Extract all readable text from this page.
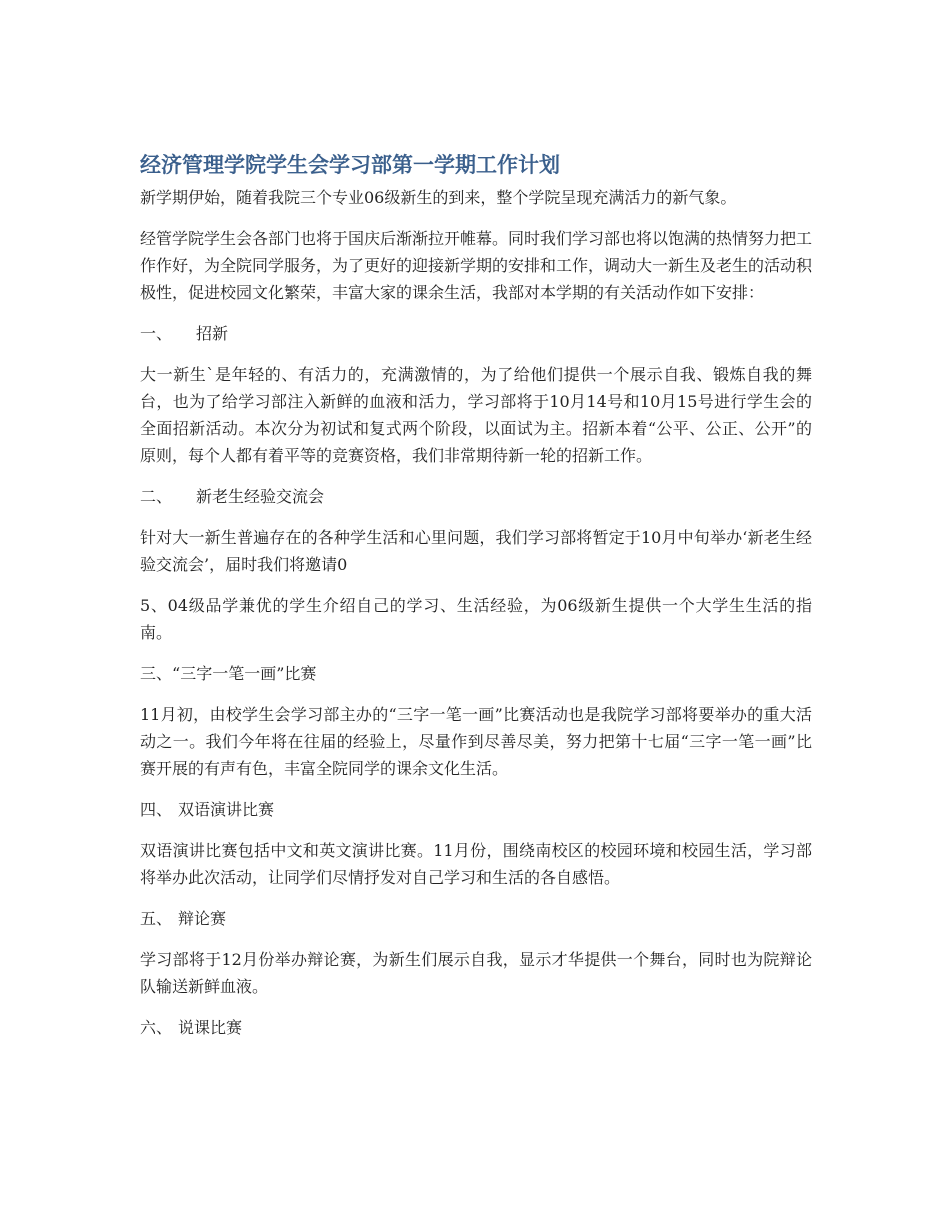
经济管理学院学生会学习部第一学期工作计划

新学期伊始，随着我院三个专业06级新生的到来，整个学院呈现充满活力的新气象。

经管学院学生会各部门也将于国庆后渐渐拉开帷幕。同时我们学习部也将以饱满的热情努力把工作作好，为全院同学服务，为了更好的迎接新学期的安排和工作，调动大一新生及老生的活动积极性，促进校园文化繁荣，丰富大家的课余生活，我部对本学期的有关活动作如下安排：

一、 招新

大一新生`是年轻的、有活力的，充满激情的，为了给他们提供一个展示自我、锻炼自我的舞台，也为了给学习部注入新鲜的血液和活力，学习部将于10月14号和10月15号进行学生会的全面招新活动。本次分为初试和复式两个阶段，以面试为主。招新本着“公平、公正、公开”的原则，每个人都有着平等的竞赛资格，我们非常期待新一轮的招新工作。

二、 新老生经验交流会

针对大一新生普遍存在的各种学生活和心里问题，我们学习部将暂定于10月中旬举办‘新老生经验交流会’，届时我们将邀请0

5、04级品学兼优的学生介绍自己的学习、生活经验，为06级新生提供一个大学生生活的指南。

三、“三字一笔一画”比赛

11月初，由校学生会学习部主办的“三字一笔一画”比赛活动也是我院学习部将要举办的重大活动之一。我们今年将在往届的经验上，尽量作到尽善尽美，努力把第十七届“三字一笔一画”比赛开展的有声有色，丰富全院同学的课余文化生活。

四、 双语演讲比赛

双语演讲比赛包括中文和英文演讲比赛。11月份，围绕南校区的校园环境和校园生活，学习部将举办此次活动，让同学们尽情抒发对自己学习和生活的各自感悟。

五、 辩论赛

学习部将于12月份举办辩论赛，为新生们展示自我，显示才华提供一个舞台，同时也为院辩论队输送新鲜血液。

六、 说课比赛
